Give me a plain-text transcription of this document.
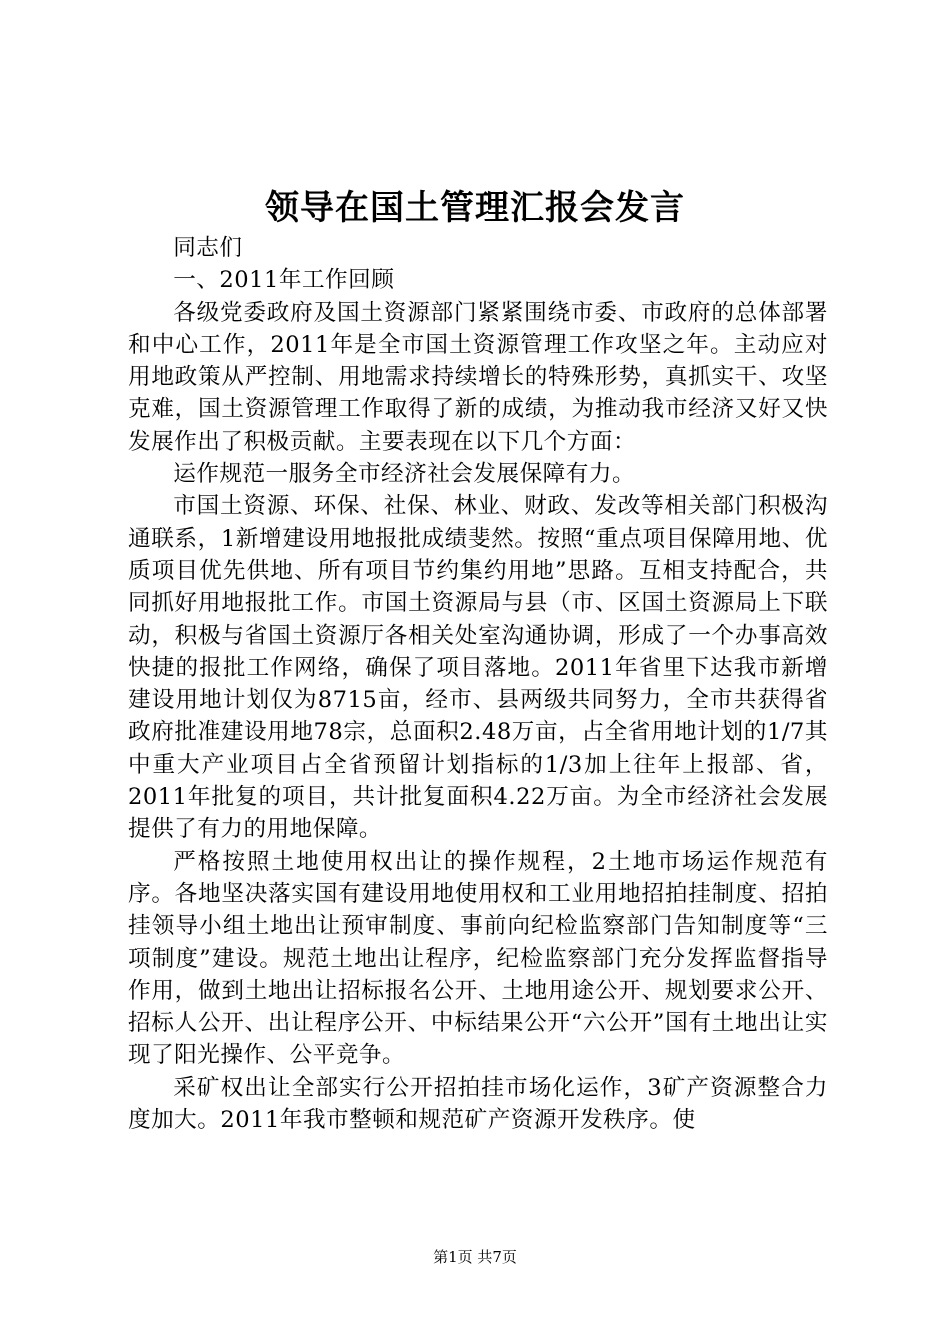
领导在国土管理汇报会发言

同志们

一、2011年工作回顾

各级党委政府及国土资源部门紧紧围绕市委、市政府的总体部署和中心工作，2011年是全市国土资源管理工作攻坚之年。主动应对用地政策从严控制、用地需求持续增长的特殊形势，真抓实干、攻坚克难，国土资源管理工作取得了新的成绩，为推动我市经济又好又快发展作出了积极贡献。主要表现在以下几个方面：

运作规范一服务全市经济社会发展保障有力。

市国土资源、环保、社保、林业、财政、发改等相关部门积极沟通联系，1新增建设用地报批成绩斐然。按照“重点项目保障用地、优质项目优先供地、所有项目节约集约用地”思路。互相支持配合，共同抓好用地报批工作。市国土资源局与县（市、区国土资源局上下联动，积极与省国土资源厅各相关处室沟通协调，形成了一个办事高效快捷的报批工作网络，确保了项目落地。2011年省里下达我市新增建设用地计划仅为8715亩，经市、县两级共同努力，全市共获得省政府批准建设用地78宗，总面积2.48万亩，占全省用地计划的1/7其中重大产业项目占全省预留计划指标的1/3加上往年上报部、省，2011年批复的项目，共计批复面积4.22万亩。为全市经济社会发展提供了有力的用地保障。

严格按照土地使用权出让的操作规程，2土地市场运作规范有序。各地坚决落实国有建设用地使用权和工业用地招拍挂制度、招拍挂领导小组土地出让预审制度、事前向纪检监察部门告知制度等“三项制度”建设。规范土地出让程序，纪检监察部门充分发挥监督指导作用，做到土地出让招标报名公开、土地用途公开、规划要求公开、招标人公开、出让程序公开、中标结果公开“六公开”国有土地出让实现了阳光操作、公平竞争。

采矿权出让全部实行公开招拍挂市场化运作，3矿产资源整合力度加大。2011年我市整顿和规范矿产资源开发秩序。使

第1页 共7页
